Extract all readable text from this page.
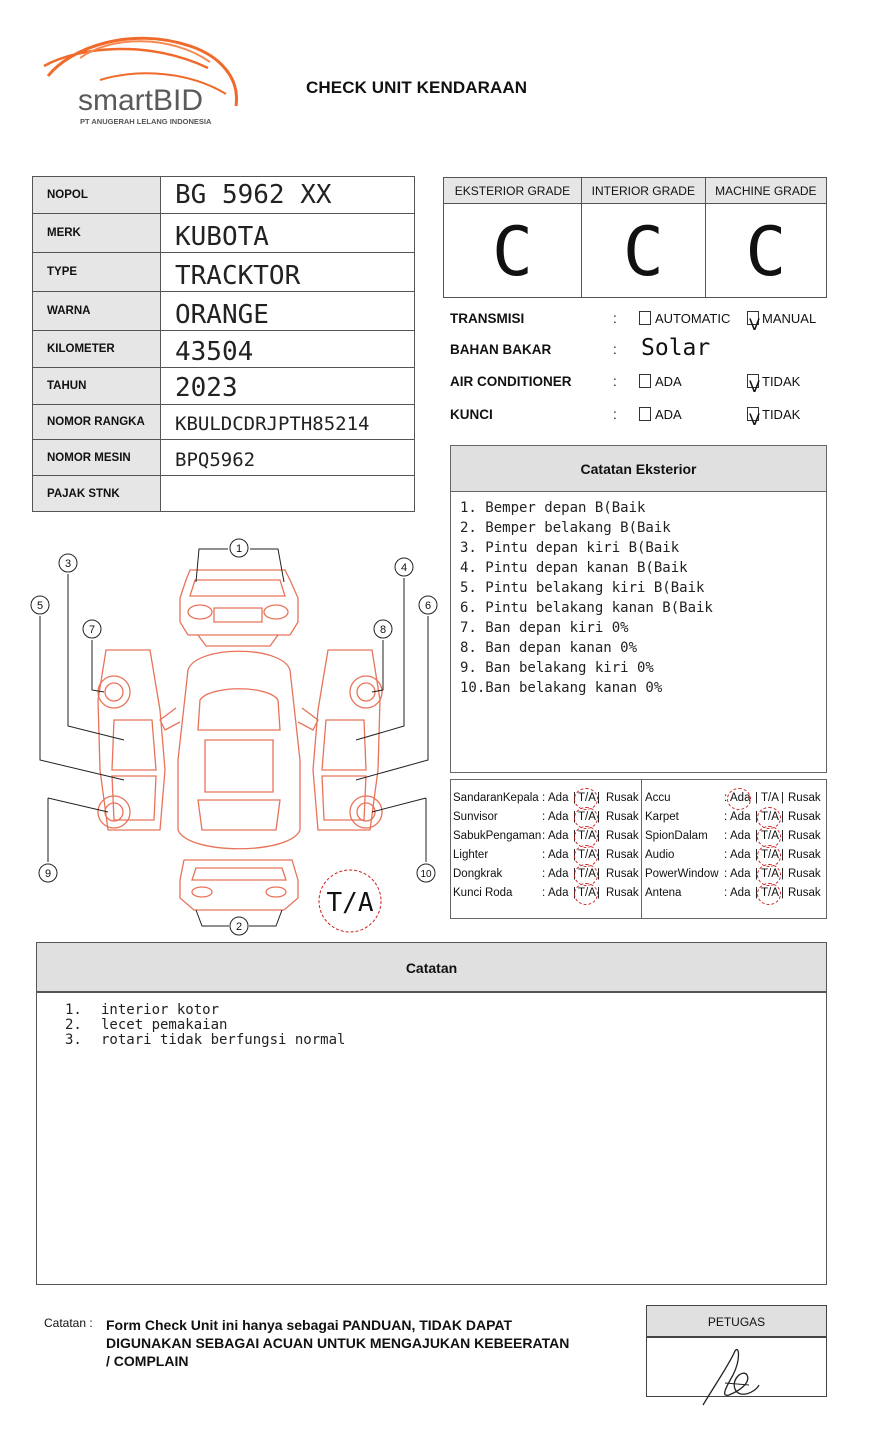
smartBID
PT ANUGERAH LELANG INDONESIA
CHECK UNIT KENDARAAN
NOPOL	BG 5962 XX
MERK	KUBOTA
TYPE	TRACKTOR
WARNA	ORANGE
KILOMETER	43504
TAHUN	2023
NOMOR RANGKA	KBULDCDRJPTH85214
NOMOR MESIN	BPQ5962
PAJAK STNK	
EKSTERIOR GRADE	INTERIOR GRADE	MACHINE GRADE
C	C	C
TRANSMISI	:	AUTOMATIC V MANUAL
BAHAN BAKAR	: Solar
AIR CONDITIONER	:	ADA	V TIDAK
KUNCI	:	ADA	V TIDAK
Catatan Eksterior
1. Bemper depan B(Baik
2. Bemper belakang B(Baik
3. Pintu depan kiri B(Baik
4. Pintu depan kanan B(Baik
5. Pintu belakang kiri B(Baik
6. Pintu belakang kanan B(Baik
7. Ban depan kiri 0%
8. Ban depan kanan 0%
9. Ban belakang kiri 0%
10.Ban belakang kanan 0%
SandaranKepala : Ada | T/A | Rusak
Sunvisor	: Ada | T/A | Rusak
SabukPengaman : Ada | T/A | Rusak
Lighter	: Ada | T/A | Rusak
Dongkrak	: Ada | T/A | Rusak
Kunci Roda	: Ada | T/A | Rusak
Accu	: Ada | T/A | Rusak
Karpet	: Ada | T/A | Rusak
SpionDalam : Ada | T/A | Rusak
Audio	: Ada | T/A | Rusak
PowerWindow : Ada | T/A | Rusak
Antena	: Ada | T/A | Rusak
1
2
3	4
5	6
7	8
9	10
T/A
Catatan
1. interior kotor
2. lecet pemakaian
3. rotari tidak berfungsi normal
Catatan : Form Check Unit ini hanya sebagai PANDUAN, TIDAK DAPAT DIGUNAKAN SEBAGAI ACUAN UNTUK MENGAJUKAN KEBEERATAN / COMPLAIN
PETUGAS
